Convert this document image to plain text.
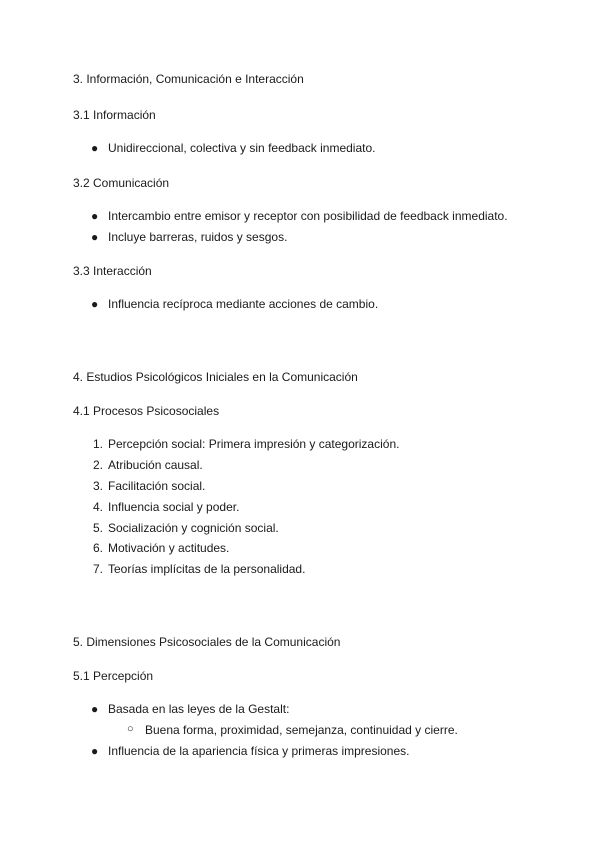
3. Información, Comunicación e Interacción
3.1 Información
● Unidireccional, colectiva y sin feedback inmediato.
3.2 Comunicación
● Intercambio entre emisor y receptor con posibilidad de feedback inmediato.
● Incluye barreras, ruidos y sesgos.
3.3 Interacción
● Influencia recíproca mediante acciones de cambio.
4. Estudios Psicológicos Iniciales en la Comunicación
4.1 Procesos Psicosociales
1. Percepción social: Primera impresión y categorización.
2. Atribución causal.
3. Facilitación social.
4. Influencia social y poder.
5. Socialización y cognición social.
6. Motivación y actitudes.
7. Teorías implícitas de la personalidad.
5. Dimensiones Psicosociales de la Comunicación
5.1 Percepción
● Basada en las leyes de la Gestalt:
○ Buena forma, proximidad, semejanza, continuidad y cierre.
● Influencia de la apariencia física y primeras impresiones.
